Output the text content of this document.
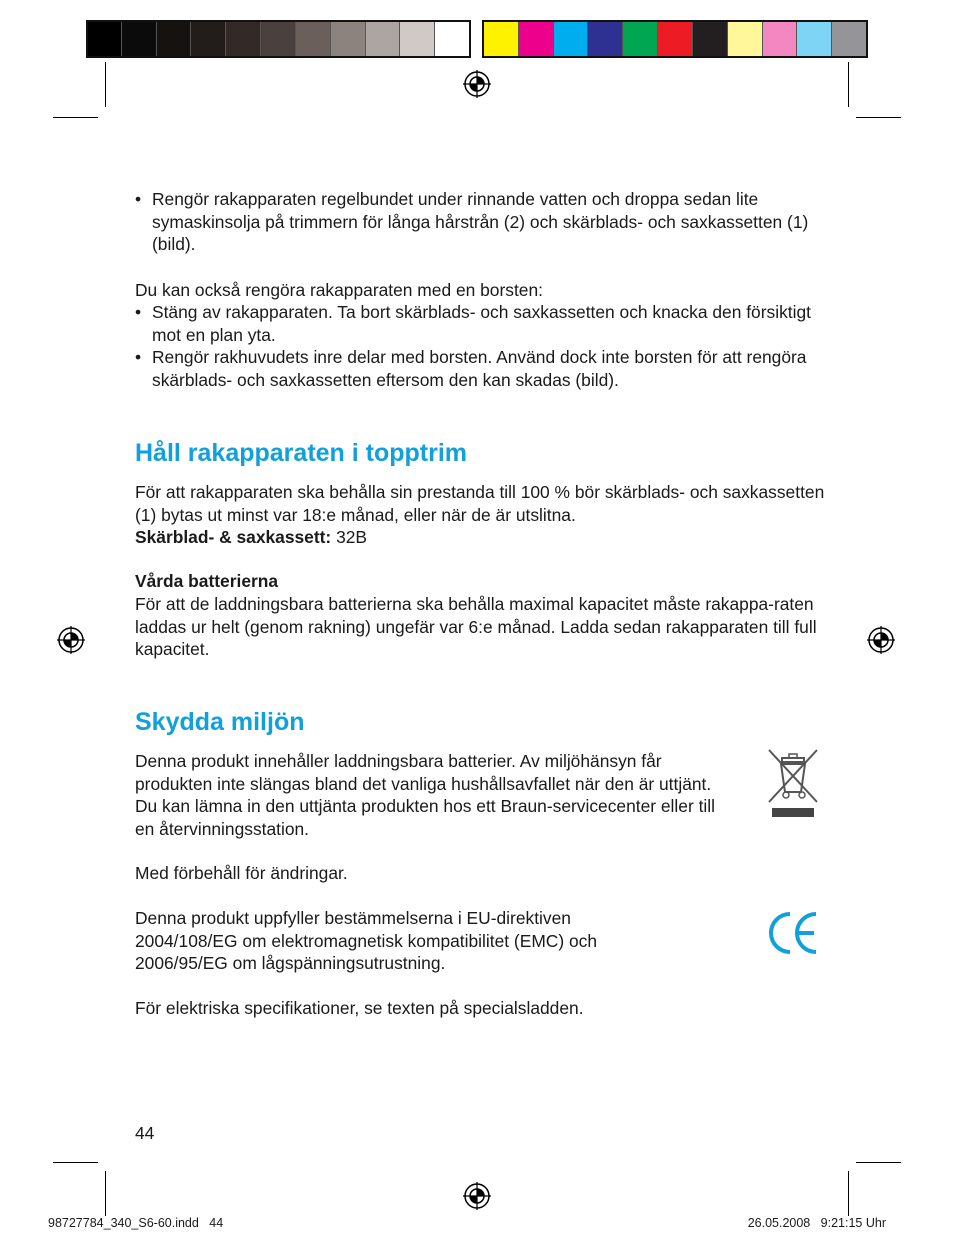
• Rengör rakapparaten regelbundet under rinnande vatten och droppa sedan lite symaskinsolja på trimmern för långa hårstrån (2) och skärblads- och saxkassetten (1) (bild).
Du kan också rengöra rakapparaten med en borsten:
• Stäng av rakapparaten. Ta bort skärblads- och saxkassetten och knacka den försiktigt mot en plan yta.
• Rengör rakhuvudets inre delar med borsten. Använd dock inte borsten för att rengöra skärblads- och saxkassetten eftersom den kan skadas (bild).
Håll rakapparaten i topptrim
För att rakapparaten ska behålla sin prestanda till 100 % bör skärblads- och saxkassetten (1) bytas ut minst var 18:e månad, eller när de är utslitna.
Skärblad- & saxkassett: 32B
Vårda batterierna
För att de laddningsbara batterierna ska behålla maximal kapacitet måste rakappa-raten laddas ur helt (genom rakning) ungefär var 6:e månad. Ladda sedan rakapparaten till full kapacitet.
Skydda miljön
Denna produkt innehåller laddningsbara batterier. Av miljöhänsyn får produkten inte slängas bland det vanliga hushållsavfallet när den är uttjänt. Du kan lämna in den uttjänta produkten hos ett Braun-servicecenter eller till en återvinningsstation.
Med förbehåll för ändringar.
Denna produkt uppfyller bestämmelserna i EU-direktiven 2004/108/EG om elektromagnetisk kompatibilitet (EMC) och 2006/95/EG om lågspänningsutrustning.
För elektriska specifikationer, se texten på specialsladden.
44
98727784_340_S6-60.indd   44	26.05.2008   9:21:15 Uhr
